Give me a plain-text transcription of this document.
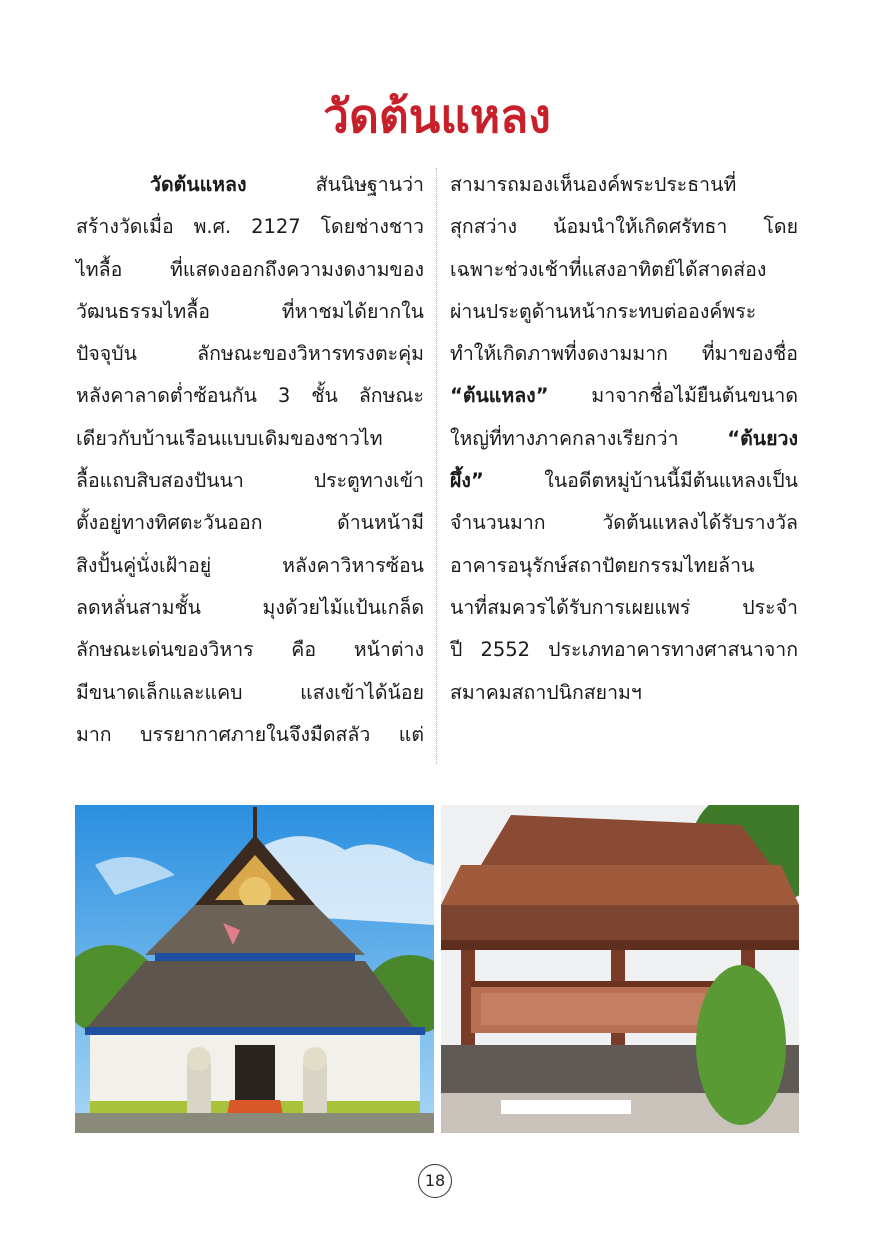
วัดต้นแหลง
วัดต้นแหลง สันนิษฐานว่า
สร้างวัดเมื่อ พ.ศ. 2127 โดยช่างชาว
ไทลื้อ ที่แสดงออกถึงความงดงามของ
วัฒนธรรมไทลื้อ ที่หาชมได้ยากใน
ปัจจุบัน ลักษณะของวิหารทรงตะคุ่ม
หลังคาลาดต่ำซ้อนกัน 3 ชั้น ลักษณะ
เดียวกับบ้านเรือนแบบเดิมของชาวไท
ลื้อแถบสิบสองปันนา ประตูทางเข้า
ตั้งอยู่ทางทิศตะวันออก ด้านหน้ามี
สิงปั้นคู่นั่งเฝ้าอยู่ หลังคาวิหารซ้อน
ลดหลั่นสามชั้น มุงด้วยไม้แป้นเกล็ด
ลักษณะเด่นของวิหาร คือ หน้าต่าง
มีขนาดเล็กและแคบ แสงเข้าได้น้อย
มาก บรรยากาศภายในจึงมืดสลัว แต่
สามารถมองเห็นองค์พระประธานที่
สุกสว่าง น้อมนำให้เกิดศรัทธา โดย
เฉพาะช่วงเช้าที่แสงอาทิตย์ได้สาดส่อง
ผ่านประตูด้านหน้ากระทบต่อองค์พระ
ทำให้เกิดภาพที่งดงามมาก ที่มาของชื่อ
“ต้นแหลง” มาจากชื่อไม้ยืนต้นขนาด
ใหญ่ที่ทางภาคกลางเรียกว่า “ต้นยวง
ผึ้ง” ในอดีตหมู่บ้านนี้มีต้นแหลงเป็น
จำนวนมาก วัดต้นแหลงได้รับรางวัล
อาคารอนุรักษ์สถาปัตยกรรมไทยล้าน
นาที่สมควรได้รับการเผยแพร่ ประจำ
ปี 2552 ประเภทอาคารทางศาสนาจาก
สมาคมสถาปนิกสยามฯ
18
